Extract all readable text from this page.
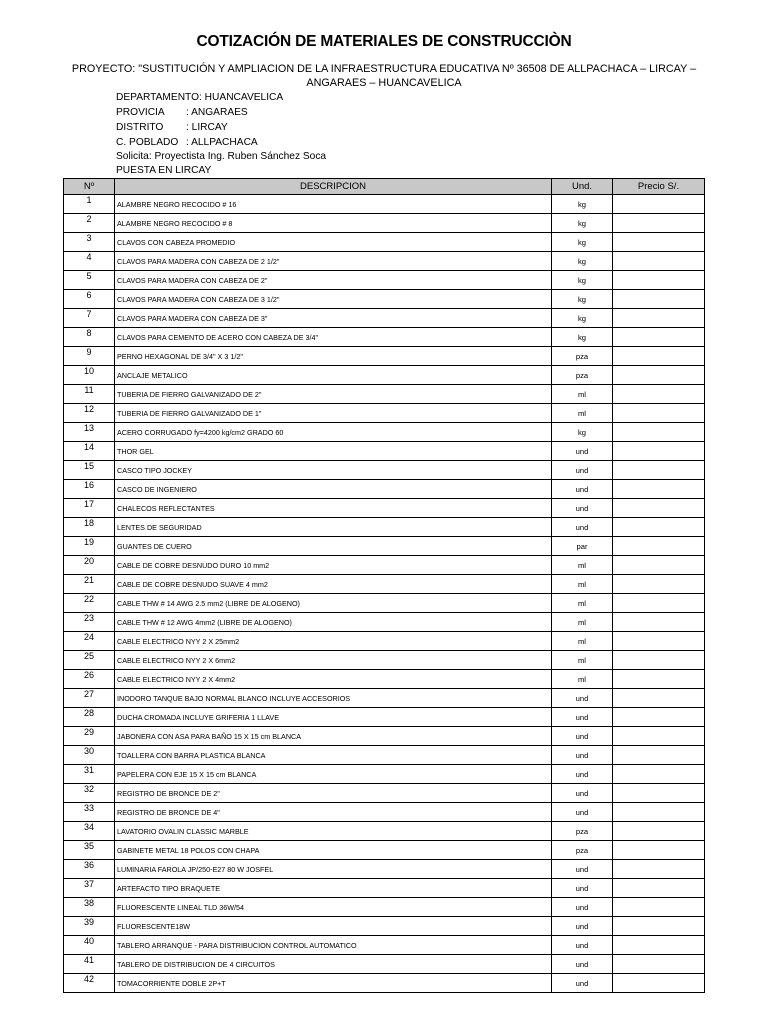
COTIZACIÓN DE MATERIALES DE CONSTRUCCIÒN
PROYECTO: "SUSTITUCIÓN Y AMPLIACION DE LA INFRAESTRUCTURA EDUCATIVA Nº 36508 DE ALLPACHACA – LIRCAY –
ANGARAES – HUANCAVELICA
DEPARTAMENTO: HUANCAVELICA
PROVICIA : ANGARAES
DISTRITO : LIRCAY
C. POBLADO : ALLPACHACA
Solicita: Proyectista Ing. Ruben Sánchez Soca
PUESTA EN LIRCAY
Nº	DESCRIPCION	Und.	Precio S/.
1	ALAMBRE NEGRO RECOCIDO # 16	kg	
2	ALAMBRE NEGRO RECOCIDO # 8	kg	
3	CLAVOS CON CABEZA PROMEDIO	kg	
4	CLAVOS PARA MADERA CON CABEZA DE 2 1/2"	kg	
5	CLAVOS PARA MADERA CON CABEZA DE 2"	kg	
6	CLAVOS PARA MADERA CON CABEZA DE 3 1/2"	kg	
7	CLAVOS PARA MADERA CON CABEZA DE 3"	kg	
8	CLAVOS PARA CEMENTO DE ACERO CON CABEZA DE 3/4"	kg	
9	PERNO HEXAGONAL DE 3/4" X 3 1/2"	pza	
10	ANCLAJE METALICO	pza	
11	TUBERIA DE FIERRO GALVANIZADO DE 2"	ml	
12	TUBERIA DE FIERRO GALVANIZADO DE 1"	ml	
13	ACERO CORRUGADO fy=4200 kg/cm2 GRADO 60	kg	
14	THOR GEL	und	
15	CASCO TIPO JOCKEY	und	
16	CASCO DE INGENIERO	und	
17	CHALECOS REFLECTANTES	und	
18	LENTES DE SEGURIDAD	und	
19	GUANTES DE CUERO	par	
20	CABLE DE COBRE DESNUDO DURO 10 mm2	ml	
21	CABLE DE COBRE DESNUDO SUAVE 4 mm2	ml	
22	CABLE THW # 14 AWG 2.5 mm2 (LIBRE DE ALOGENO)	ml	
23	CABLE THW # 12 AWG 4mm2 (LIBRE DE ALOGENO)	ml	
24	CABLE ELECTRICO NYY 2 X 25mm2	ml	
25	CABLE ELECTRICO NYY 2 X 6mm2	ml	
26	CABLE ELECTRICO NYY 2 X 4mm2	ml	
27	INODORO TANQUE BAJO NORMAL BLANCO INCLUYE ACCESORIOS	und	
28	DUCHA CROMADA INCLUYE GRIFERIA 1 LLAVE	und	
29	JABONERA CON ASA PARA BAÑO 15 X 15 cm BLANCA	und	
30	TOALLERA CON BARRA PLASTICA BLANCA	und	
31	PAPELERA CON EJE 15 X 15 cm BLANCA	und	
32	REGISTRO DE BRONCE DE 2"	und	
33	REGISTRO DE BRONCE DE 4"	und	
34	LAVATORIO OVALIN CLASSIC MARBLE	pza	
35	GABINETE METAL 18 POLOS CON CHAPA	pza	
36	LUMINARIA FAROLA JP/250-E27 80 W JOSFEL	und	
37	ARTEFACTO TIPO BRAQUETE	und	
38	FLUORESCENTE LINEAL TLD 36W/54	und	
39	FLUORESCENTE18W	und	
40	TABLERO ARRANQUE - PARA DISTRIBUCION CONTROL AUTOMATICO	und	
41	TABLERO DE DISTRIBUCION DE 4 CIRCUITOS	und	
42	TOMACORRIENTE DOBLE 2P+T	und	
